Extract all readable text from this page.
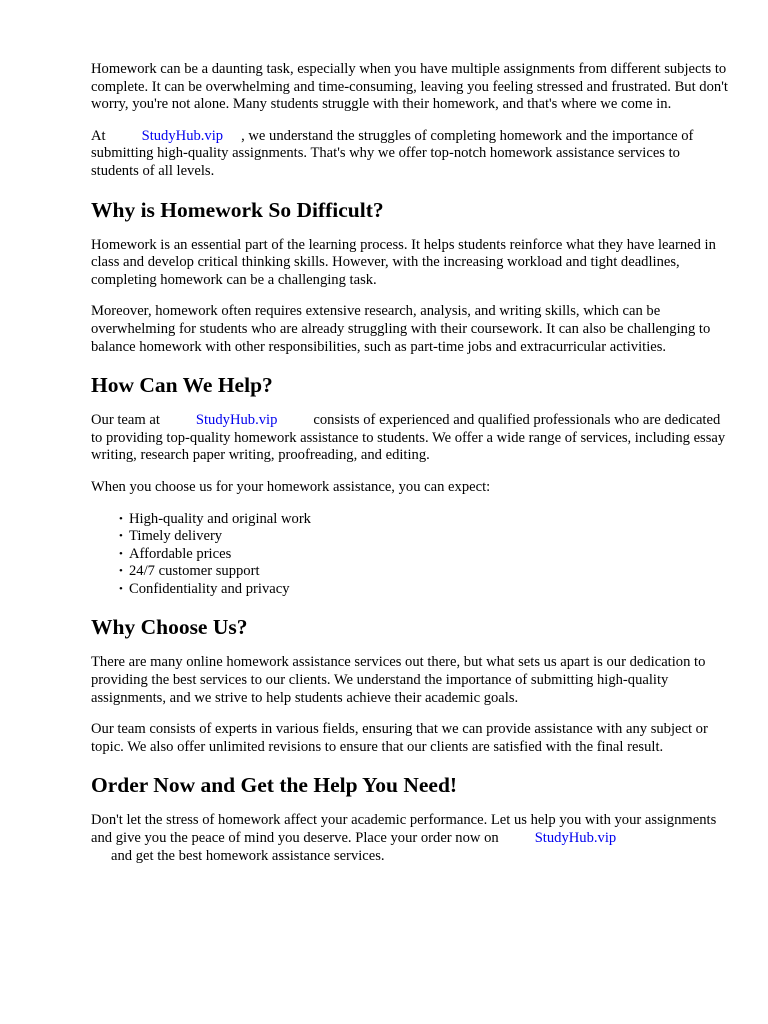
Homework can be a daunting task, especially when you have multiple assignments from different subjects to complete. It can be overwhelming and time-consuming, leaving you feeling stressed and frustrated. But don't worry, you're not alone. Many students struggle with their homework, and that's where we come in.

At StudyHub.vip , we understand the struggles of completing homework and the importance of submitting high-quality assignments. That's why we offer top-notch homework assistance services to students of all levels.

Why is Homework So Difficult?

Homework is an essential part of the learning process. It helps students reinforce what they have learned in class and develop critical thinking skills. However, with the increasing workload and tight deadlines, completing homework can be a challenging task.

Moreover, homework often requires extensive research, analysis, and writing skills, which can be overwhelming for students who are already struggling with their coursework. It can also be challenging to balance homework with other responsibilities, such as part-time jobs and extracurricular activities.

How Can We Help?

Our team at StudyHub.vip consists of experienced and qualified professionals who are dedicated to providing top-quality homework assistance to students. We offer a wide range of services, including essay writing, research paper writing, proofreading, and editing.

When you choose us for your homework assistance, you can expect:

• High-quality and original work
• Timely delivery
• Affordable prices
• 24/7 customer support
• Confidentiality and privacy
Why Choose Us?

There are many online homework assistance services out there, but what sets us apart is our dedication to providing the best services to our clients. We understand the importance of submitting high-quality assignments, and we strive to help students achieve their academic goals.

Our team consists of experts in various fields, ensuring that we can provide assistance with any subject or topic. We also offer unlimited revisions to ensure that our clients are satisfied with the final result.

Order Now and Get the Help You Need!

Don't let the stress of homework affect your academic performance. Let us help you with your assignments and give you the peace of mind you deserve. Place your order now on StudyHub.vip
and get the best homework assistance services.
